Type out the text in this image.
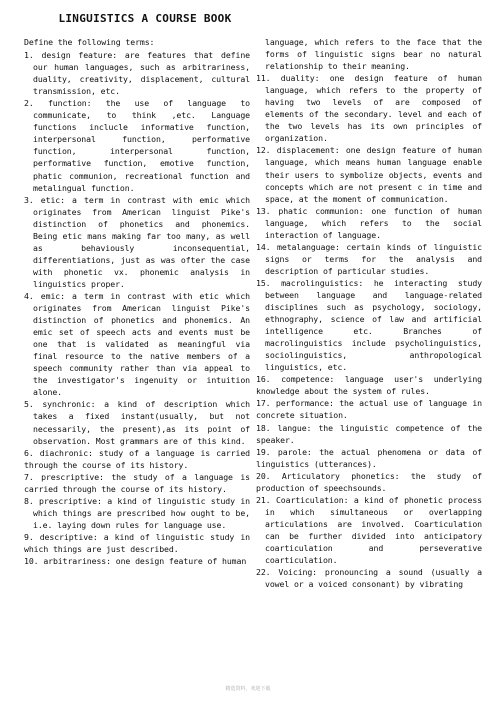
LINGUISTICS A COURSE BOOK

Define the following terms:

1. design feature: are features that define our human languages, such as arbitrariness, duality, creativity, displacement, cultural transmission, etc.

2. function: the use of language to communicate, to think ,etc. Language functions inclucle informative function, interpersonal function, performative function, interpersonal function, performative function, emotive function, phatic communion, recreational function and metalingual function.

3. etic: a term in contrast with emic which originates from American linguist Pike's distinction of phonetics and phonemics. Being etic mans making far too many, as well as behaviously inconsequential, differentiations, just as was ofter the case with phonetic vx. phonemic analysis in linguistics proper.

4. emic: a term in contrast with etic which originates from American linguist Pike's distinction of phonetics and phonemics. An emic set of speech acts and events must be one that is validated as meaningful via final resource to the native members of a speech community rather than via appeal to the investigator's ingenuity or intuition alone.

5. synchronic: a kind of description which takes a fixed instant(usually, but not necessarily, the present),as its point of observation. Most grammars are of this kind.

6. diachronic: study of a language is carried through the course of its history.

7. prescriptive: the study of a language is carried through the course of its history.

8. prescriptive: a kind of linguistic study in which things are prescribed how ought to be, i.e. laying down rules for language use.

9. descriptive: a kind of linguistic study in which things are just described.

10. arbitrariness: one design feature of human

language, which refers to the face that the forms of linguistic signs bear no natural relationship to their meaning.

11. duality: one design feature of human language, which refers to the property of having two levels of are composed of elements of the secondary. level and each of the two levels has its own principles of organization.

12. displacement: one design feature of human language, which means human language enable their users to symbolize objects, events and concepts which are not present c in time and space, at the moment of communication.

13. phatic communion: one function of human language, which refers to the social interaction of language.

14. metalanguage: certain kinds of linguistic signs or terms for the analysis and description of particular studies.

15. macrolinguistics: he interacting study between language and language-related disciplines such as psychology, sociology, ethnography, science of law and artificial intelligence etc. Branches of macrolinguistics include psycholinguistics, sociolinguistics, anthropological linguistics, etc.

16. competence: language user's underlying knowledge about the system of rules.

17. performance: the actual use of language in concrete situation.

18. langue: the linguistic competence of the speaker.

19. parole: the actual phenomena or data of linguistics (utterances).

20. Articulatory phonetics: the study of production of speechsounds.

21. Coarticulation: a kind of phonetic process in which simultaneous or overlapping articulations are involved. Coarticulation can be further divided into anticipatory coarticulation and perseverative coarticulation.

22. Voicing: pronouncing a sound (usually a vowel or a voiced consonant) by vibrating

精选资料，欢迎下载
